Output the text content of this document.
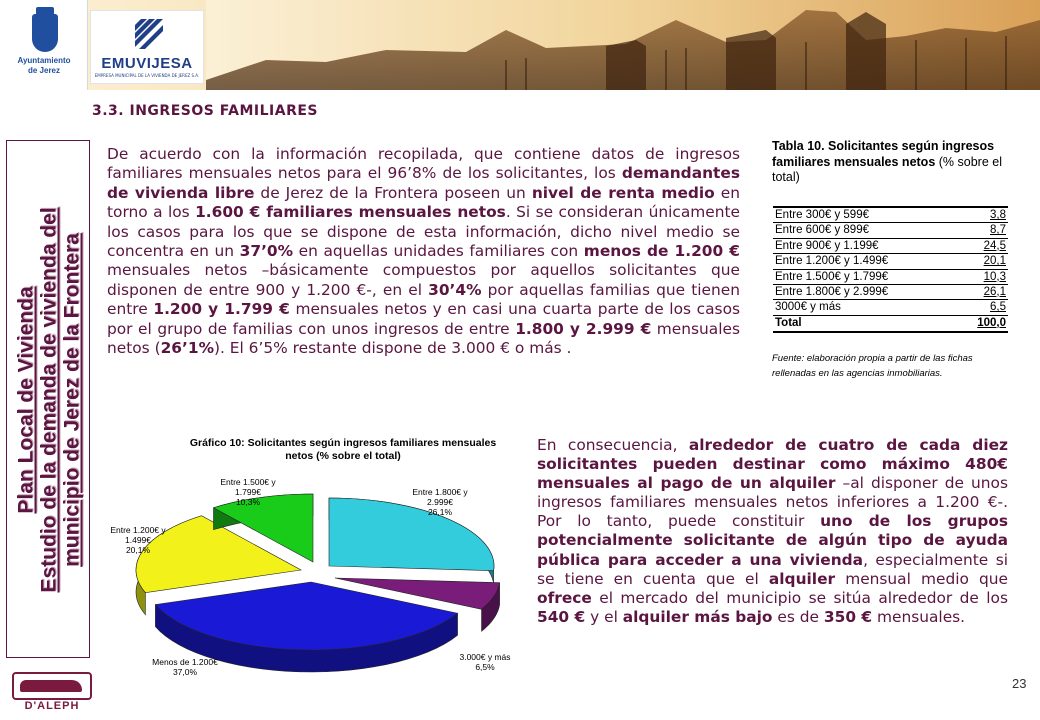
Ayuntamiento
de Jerez	EMUVIJESA
EMPRESA MUNICIPAL DE LA VIVIENDA DE JEREZ S.A.
3.3. INGRESOS FAMILIARES
Plan Local de Vivienda Estudio de la demanda de vivienda del municipio de Jerez de la Frontera
De acuerdo con la información recopilada, que contiene datos de ingresos familiares mensuales netos para el 96’8% de los solicitantes, los demandantes de vivienda libre de Jerez de la Frontera poseen un nivel de renta medio en torno a los 1.600 € familiares mensuales netos. Si se consideran únicamente los casos para los que se dispone de esta información, dicho nivel medio se concentra en un 37’0% en aquellas unidades familiares con menos de 1.200 € mensuales netos –básicamente compuestos por aquellos solicitantes que disponen de entre 900 y 1.200 €-, en el 30’4% por aquellas familias que tienen entre 1.200 y 1.799 € mensuales netos y en casi una cuarta parte de los casos por el grupo de familias con unos ingresos de entre 1.800 y 2.999 € mensuales netos (26’1%). El 6’5% restante dispone de 3.000 € o más .
Tabla 10. Solicitantes según ingresos familiares mensuales netos (% sobre el total)
Entre 300€ y 599€	3,8
Entre 600€ y 899€	8,7
Entre 900€ y 1.199€	24,5
Entre 1.200€ y 1.499€	20,1
Entre 1.500€ y 1.799€	10,3
Entre 1.800€ y 2.999€	26,1
3000€ y más	6,5
Total	100,0
Fuente: elaboración propia a partir de las fichas rellenadas en las agencias inmobiliarias.
Gráfico 10: Solicitantes según ingresos familiares mensuales netos (% sobre el total)
Entre 1.800€ y 2.999€ 26,1%
3.000€ y más 6,5%
Menos de 1.200€ 37,0%
Entre 1.200€ y 1.499€ 20,1%
Entre 1.500€ y 1.799€ 10,3%
En consecuencia, alrededor de cuatro de cada diez solicitantes pueden destinar como máximo 480€ mensuales al pago de un alquiler –al disponer de unos ingresos familiares mensuales netos inferiores a 1.200 €-. Por lo tanto, puede constituir uno de los grupos potencialmente solicitante de algún tipo de ayuda pública para acceder a una vivienda, especialmente si se tiene en cuenta que el alquiler mensual medio que ofrece el mercado del municipio se sitúa alrededor de los 540 € y el alquiler más bajo es de 350 € mensuales.
D'ALEPH
23
